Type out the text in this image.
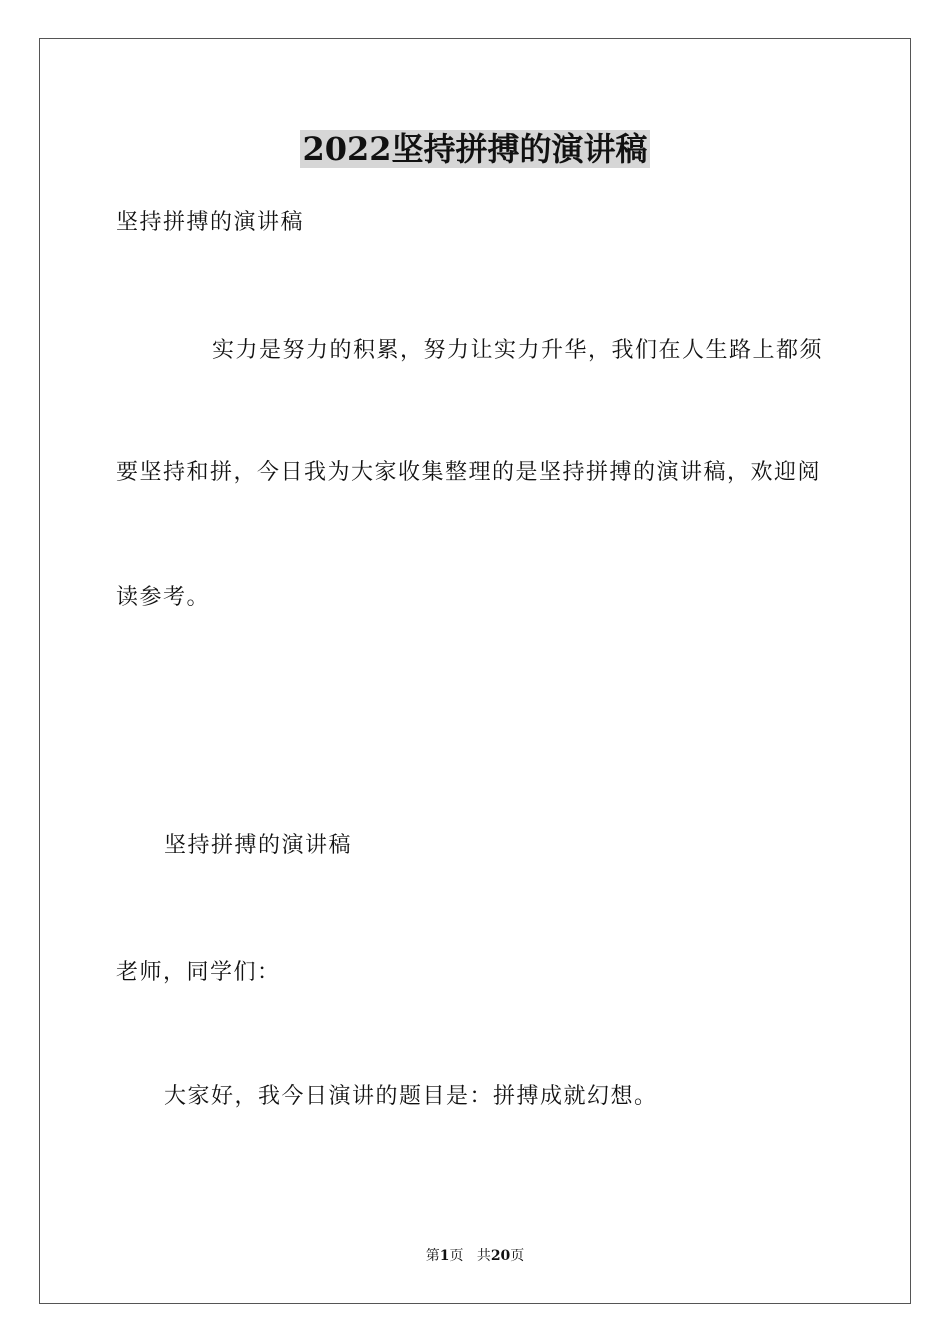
2022坚持拼搏的演讲稿
坚持拼搏的演讲稿
实力是努力的积累，努力让实力升华，我们在人生路上都须
要坚持和拼，今日我为大家收集整理的是坚持拼搏的演讲稿，欢迎阅
读参考。
坚持拼搏的演讲稿
老师，同学们：
大家好，我今日演讲的题目是：拼搏成就幻想。
第1页 共20页
